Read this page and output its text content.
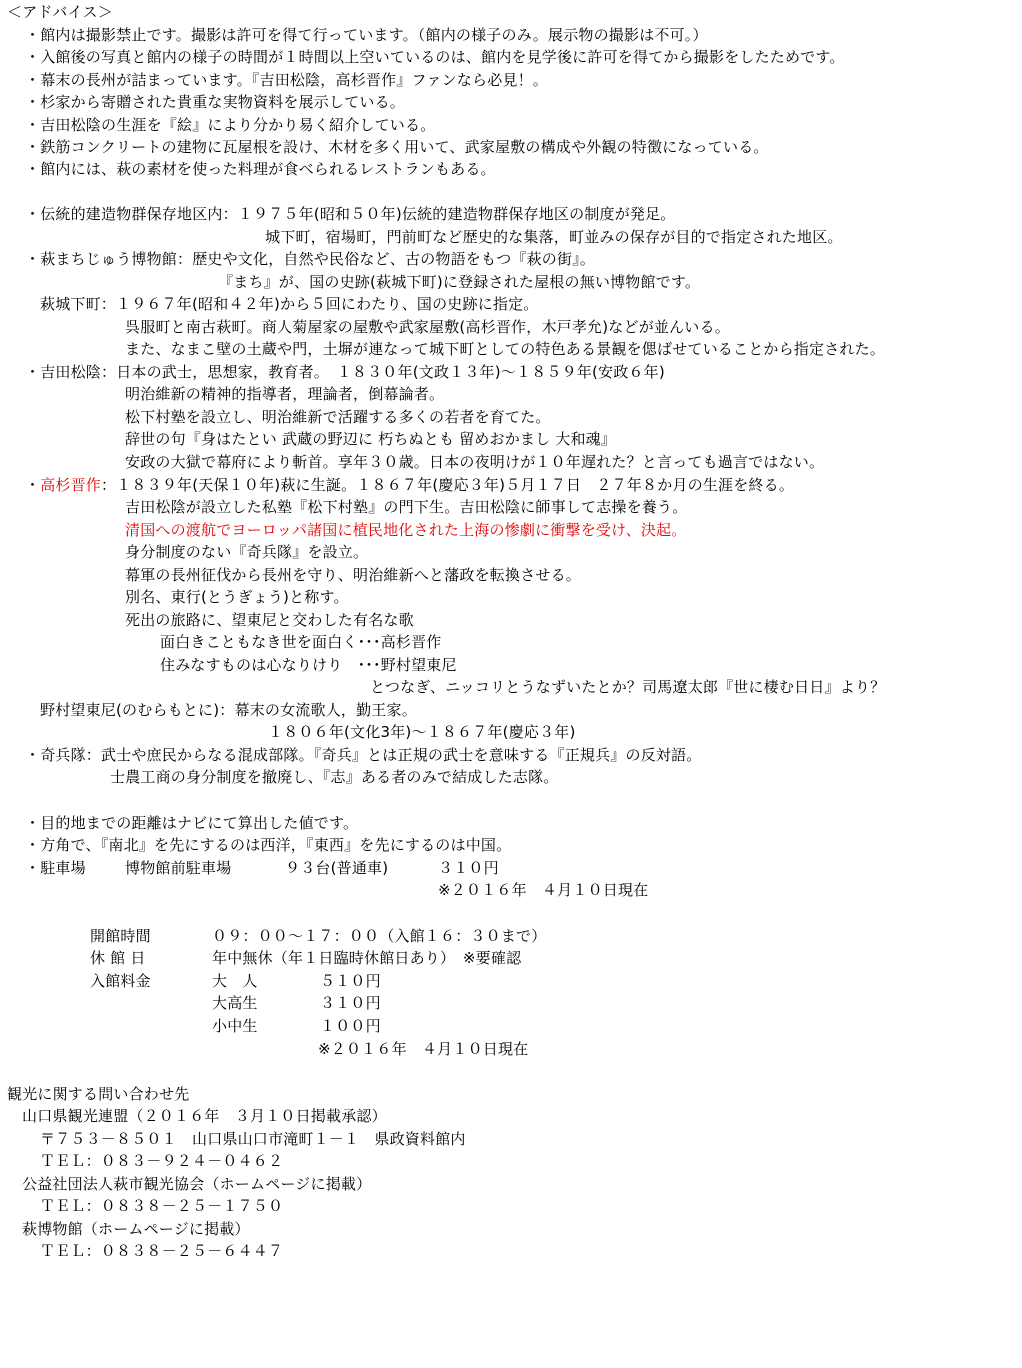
＜アドバイス＞
・館内は撮影禁止です。撮影は許可を得て行っています。（館内の様子のみ。展示物の撮影は不可。）
・入館後の写真と館内の様子の時間が１時間以上空いているのは、館内を見学後に許可を得てから撮影をしたためです。
・幕末の長州が詰まっています。『吉田松陰，高杉晋作』ファンなら必見！。
・杉家から寄贈された貴重な実物資料を展示している。
・吉田松陰の生涯を『絵』により分かり易く紹介している。
・鉄筋コンクリートの建物に瓦屋根を設け、木材を多く用いて、武家屋敷の構成や外観の特徴になっている。
・館内には、萩の素材を使った料理が食べられるレストランもある。
・伝統的建造物群保存地区内：１９７５年(昭和５０年)伝統的建造物群保存地区の制度が発足。
城下町，宿場町，門前町など歴史的な集落，町並みの保存が目的で指定された地区。
・萩まちじゅう博物館：歴史や文化，自然や民俗など、古の物語をもつ『萩の街』。
『まち』が、国の史跡(萩城下町)に登録された屋根の無い博物館です。
萩城下町：１９６７年(昭和４２年)から５回にわたり、国の史跡に指定。
呉服町と南古萩町。商人菊屋家の屋敷や武家屋敷(高杉晋作，木戸孝允)などが並んいる。
また、なまこ壁の土蔵や門，土塀が連なって城下町としての特色ある景観を偲ばせていることから指定された。
・吉田松陰：日本の武士，思想家，教育者。　１８３０年(文政１３年)～１８５９年(安政６年)
明治維新の精神的指導者，理論者，倒幕論者。
松下村塾を設立し、明治維新で活躍する多くの若者を育てた。
辞世の句『身はたとい 武蔵の野辺に 朽ちぬとも 留めおかまし 大和魂』
安政の大獄で幕府により斬首。享年３０歳。日本の夜明けが１０年遅れた？と言っても過言ではない。
・高杉晋作：１８３９年(天保１０年)萩に生誕。１８６７年(慶応３年)５月１７日　２７年８か月の生涯を終る。
吉田松陰が設立した私塾『松下村塾』の門下生。吉田松陰に師事して志操を養う。
清国への渡航でヨーロッパ諸国に植民地化された上海の惨劇に衝撃を受け、決起。
身分制度のない『奇兵隊』を設立。
幕軍の長州征伐から長州を守り、明治維新へと藩政を転換させる。
別名、東行(とうぎょう)と称す。
死出の旅路に、望東尼と交わした有名な歌
面白きこともなき世を面白く･･･高杉晋作
住みなすものは心なりけり　･･･野村望東尼
とつなぎ、ニッコリとうなずいたとか？司馬遼太郎『世に棲む日日』より？
野村望東尼(のむらもとに)：幕末の女流歌人，勤王家。
１８０６年(文化3年)～１８６７年(慶応３年)
・奇兵隊：武士や庶民からなる混成部隊。『奇兵』とは正規の武士を意味する『正規兵』の反対語。
士農工商の身分制度を撤廃し、『志』ある者のみで結成した志隊。
・目的地までの距離はナビにて算出した値です。
・方角で、『南北』を先にするのは西洋，『東西』を先にするのは中国。
・駐車場	博物館前駐車場	９３台(普通車)	３１０円
※２０１６年　４月１０日現在
開館時間	０９：００～１７：００（入館１６：３０まで）
休 館 日	年中無休（年１日臨時休館日あり）　※要確認
入館料金	大　人	５１０円
大高生	３１０円
小中生	１００円
※２０１６年　４月１０日現在
観光に関する問い合わせ先
山口県観光連盟（２０１６年　３月１０日掲載承認）
〒７５３－８５０１　山口県山口市滝町１－１　県政資料館内
ＴＥＬ：０８３－９２４－０４６２
公益社団法人萩市観光協会（ホームページに掲載）
ＴＥＬ：０８３８－２５－１７５０
萩博物館（ホームページに掲載）
ＴＥＬ：０８３８－２５－６４４７
